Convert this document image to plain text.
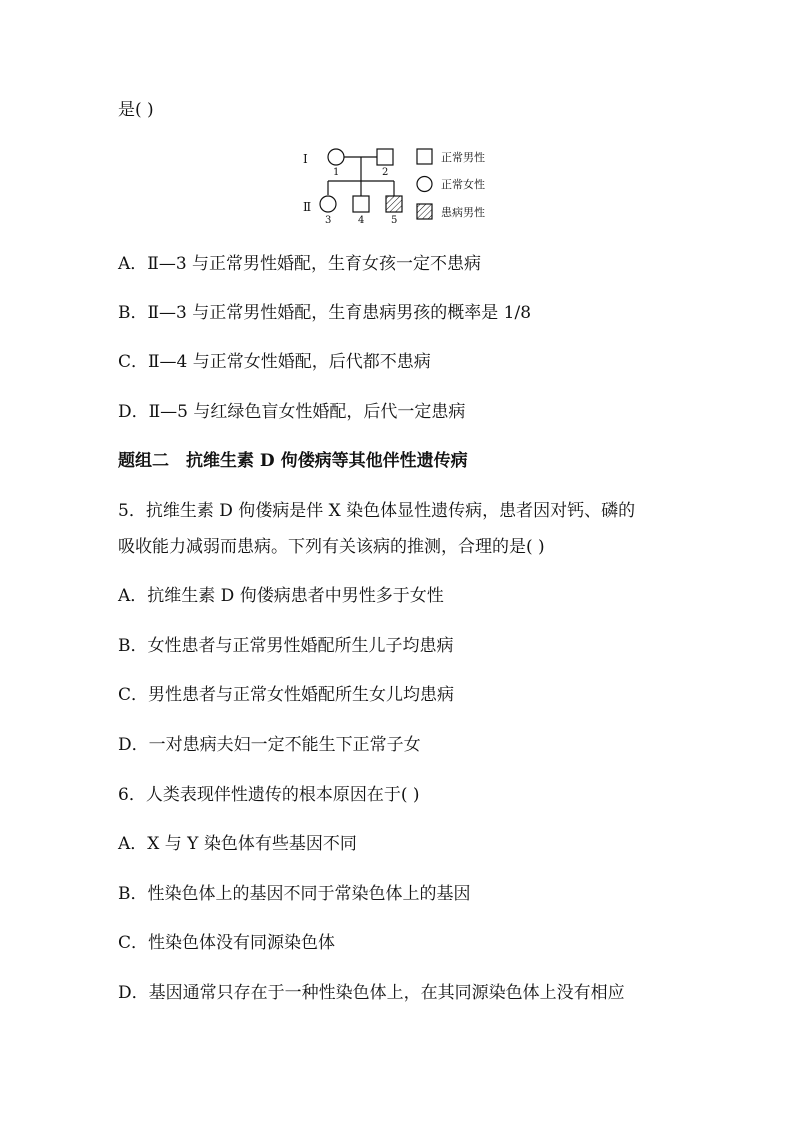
是( )
Ⅰ
Ⅱ
1	2
3	4	5
正常男性
正常女性
患病男性
A．Ⅱ—3 与正常男性婚配，生育女孩一定不患病
B．Ⅱ—3 与正常男性婚配，生育患病男孩的概率是 1/8
C．Ⅱ—4 与正常女性婚配，后代都不患病
D．Ⅱ—5 与红绿色盲女性婚配，后代一定患病
题组二　抗维生素 D 佝偻病等其他伴性遗传病
5．抗维生素 D 佝偻病是伴 X 染色体显性遗传病，患者因对钙、磷的
吸收能力减弱而患病。下列有关该病的推测，合理的是( )
A．抗维生素 D 佝偻病患者中男性多于女性
B．女性患者与正常男性婚配所生儿子均患病
C．男性患者与正常女性婚配所生女儿均患病
D．一对患病夫妇一定不能生下正常子女
6．人类表现伴性遗传的根本原因在于( )
A．X 与 Y 染色体有些基因不同
B．性染色体上的基因不同于常染色体上的基因
C．性染色体没有同源染色体
D．基因通常只存在于一种性染色体上，在其同源染色体上没有相应
